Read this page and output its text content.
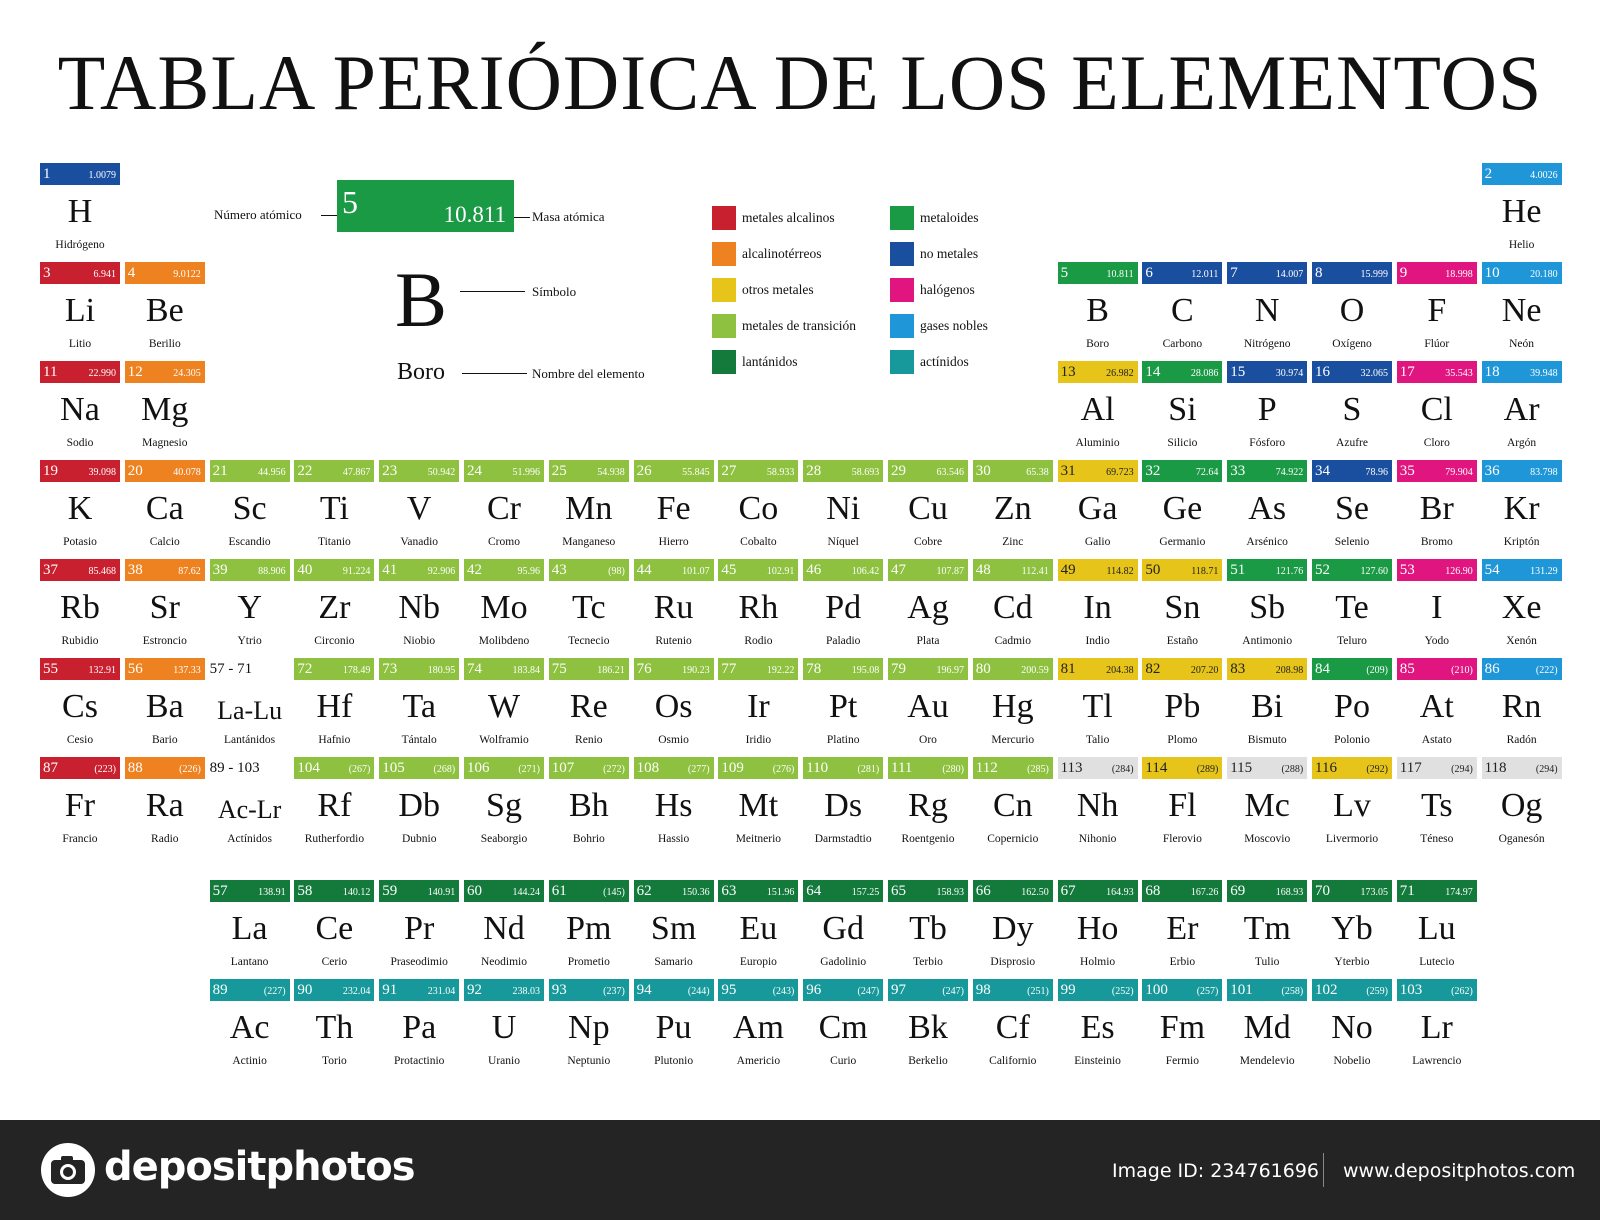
TABLA PERIÓDICA DE LOS ELEMENTOS
5	10.811
Número atómico	Masa atómica
B	Símbolo
Boro	Nombre del elemento
metales alcalinos
alcalinotérreos
otros metales
metales de transición
lantánidos
metaloides
no metales
halógenos
gases nobles
actínidos
1	1.0079
H
Hidrógeno
2	4.0026
He
Helio
3	6.941
Li
Litio
4	9.0122
Be
Berilio
5	10.811
B
Boro
6	12.011
C
Carbono
7	14.007
N
Nitrógeno
8	15.999
O
Oxígeno
9	18.998
F
Flúor
10	20.180
Ne
Neón
11	22.990
Na
Sodio
12	24.305
Mg
Magnesio
13	26.982
Al
Aluminio
14	28.086
Si
Silicio
15	30.974
P
Fósforo
16	32.065
S
Azufre
17	35.543
Cl
Cloro
18	39.948
Ar
Argón
19	39.098
K
Potasio
20	40.078
Ca
Calcio
21	44.956
Sc
Escandio
22	47.867
Ti
Titanio
23	50.942
V
Vanadio
24	51.996
Cr
Cromo
25	54.938
Mn
Manganeso
26	55.845
Fe
Hierro
27	58.933
Co
Cobalto
28	58.693
Ni
Níquel
29	63.546
Cu
Cobre
30	65.38
Zn
Zinc
31	69.723
Ga
Galio
32	72.64
Ge
Germanio
33	74.922
As
Arsénico
34	78.96
Se
Selenio
35	79.904
Br
Bromo
36	83.798
Kr
Kriptón
37	85.468
Rb
Rubidio
38	87.62
Sr
Estroncio
39	88.906
Y
Ytrio
40	91.224
Zr
Circonio
41	92.906
Nb
Niobio
42	95.96
Mo
Molibdeno
43	(98)
Tc
Tecnecio
44	101.07
Ru
Rutenio
45	102.91
Rh
Rodio
46	106.42
Pd
Paladio
47	107.87
Ag
Plata
48	112.41
Cd
Cadmio
49	114.82
In
Indio
50	118.71
Sn
Estaño
51	121.76
Sb
Antimonio
52	127.60
Te
Teluro
53	126.90
I
Yodo
54	131.29
Xe
Xenón
55	132.91
Cs
Cesio
56	137.33
Ba
Bario
72	178.49
Hf
Hafnio
73	180.95
Ta
Tántalo
74	183.84
W
Wolframio
75	186.21
Re
Renio
76	190.23
Os
Osmio
77	192.22
Ir
Iridio
78	195.08
Pt
Platino
79	196.97
Au
Oro
80	200.59
Hg
Mercurio
81	204.38
Tl
Talio
82	207.20
Pb
Plomo
83	208.98
Bi
Bismuto
84	(209)
Po
Polonio
85	(210)
At
Astato
86	(222)
Rn
Radón
87	(223)
Fr
Francio
88	(226)
Ra
Radio
104	(267)
Rf
Rutherfordio
105	(268)
Db
Dubnio
106	(271)
Sg
Seaborgio
107	(272)
Bh
Bohrio
108	(277)
Hs
Hassio
109	(276)
Mt
Meitnerio
110	(281)
Ds
Darmstadtio
111	(280)
Rg
Roentgenio
112	(285)
Cn
Copernicio
113	(284)
Nh
Nihonio
114	(289)
Fl
Flerovio
115	(288)
Mc
Moscovio
116	(292)
Lv
Livermorio
117	(294)
Ts
Téneso
118	(294)
Og
Oganesón
57	138.91
La
Lantano
58	140.12
Ce
Cerio
59	140.91
Pr
Praseodimio
60	144.24
Nd
Neodimio
61	(145)
Pm
Prometio
62	150.36
Sm
Samario
63	151.96
Eu
Europio
64	157.25
Gd
Gadolinio
65	158.93
Tb
Terbio
66	162.50
Dy
Disprosio
67	164.93
Ho
Holmio
68	167.26
Er
Erbio
69	168.93
Tm
Tulio
70	173.05
Yb
Yterbio
71	174.97
Lu
Lutecio
89	(227)
Ac
Actinio
90	232.04
Th
Torio
91	231.04
Pa
Protactinio
92	238.03
U
Uranio
93	(237)
Np
Neptunio
94	(244)
Pu
Plutonio
95	(243)
Am
Americio
96	(247)
Cm
Curio
97	(247)
Bk
Berkelio
98	(251)
Cf
Californio
99	(252)
Es
Einsteinio
100	(257)
Fm
Fermio
101	(258)
Md
Mendelevio
102	(259)
No
Nobelio
103	(262)
Lr
Lawrencio
57 - 71
La-Lu
Lantánidos
89 - 103
Ac-Lr
Actínidos
depositphotos	Image ID: 234761696 www.depositphotos.com
